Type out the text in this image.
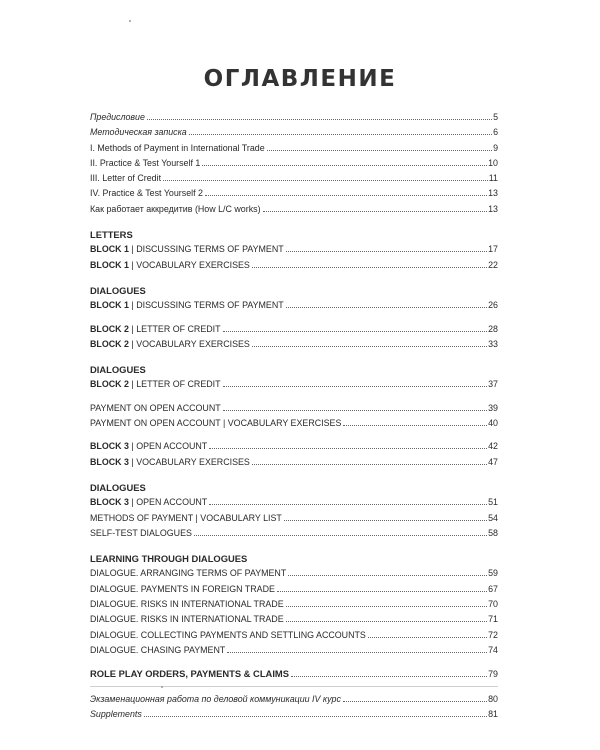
ОГЛАВЛЕНИЕ
Предисловие	5
Методическая записка	6
I. Methods of Payment in International Trade	9
II. Practice & Test Yourself 1	10
III. Letter of Credit	11
IV. Practice & Test Yourself 2	13
Как работает аккредитив (How L/C works)	13
LETTERS
BLOCK 1 | DISCUSSING TERMS OF PAYMENT	17
BLOCK 1 | VOCABULARY EXERCISES	22
DIALOGUES
BLOCK 1 | DISCUSSING TERMS OF PAYMENT	26
BLOCK 2 | LETTER OF CREDIT	28
BLOCK 2 | VOCABULARY EXERCISES	33
DIALOGUES
BLOCK 2 | LETTER OF CREDIT	37
PAYMENT ON OPEN ACCOUNT	39
PAYMENT ON OPEN ACCOUNT | VOCABULARY EXERCISES	40
BLOCK 3 | OPEN ACCOUNT	42
BLOCK 3 | VOCABULARY EXERCISES	47
DIALOGUES
BLOCK 3 | OPEN ACCOUNT	51
METHODS OF PAYMENT | VOCABULARY LIST	54
SELF-TEST DIALOGUES	58
LEARNING THROUGH DIALOGUES
DIALOGUE. ARRANGING TERMS OF PAYMENT	59
DIALOGUE. PAYMENTS IN FOREIGN TRADE	67
DIALOGUE. RISKS IN INTERNATIONAL TRADE	70
DIALOGUE. RISKS IN INTERNATIONAL TRADE	71
DIALOGUE. COLLECTING PAYMENTS AND SETTLING ACCOUNTS	72
DIALOGUE. CHASING PAYMENT	74
ROLE PLAY ORDERS, PAYMENTS & CLAIMS	79
Экзаменационная работа по деловой коммуникации IV курс	80
Supplements	81
